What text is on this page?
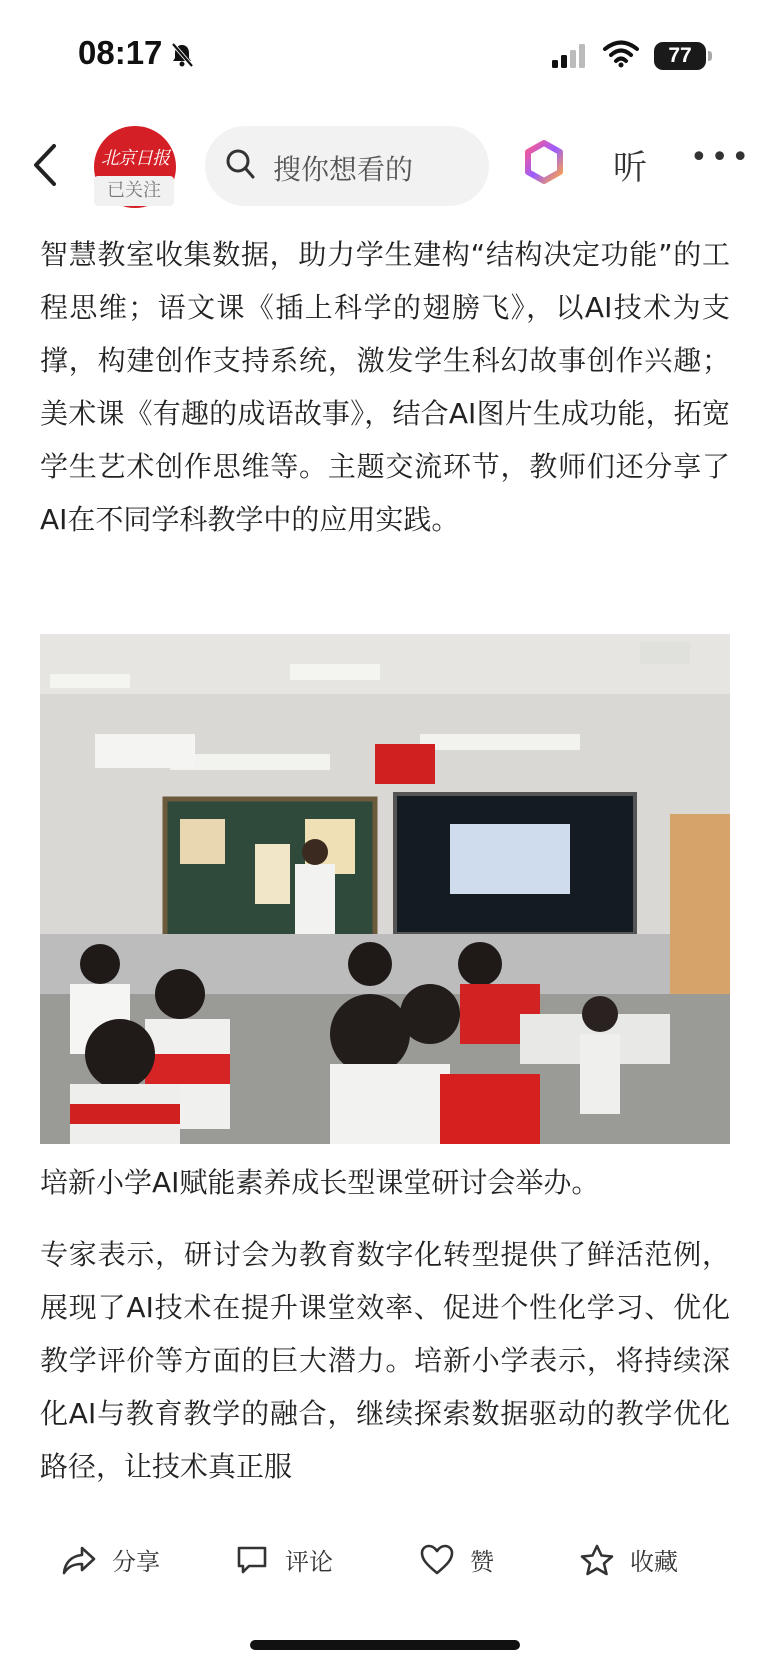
08:17	77
北京日报
已关注
搜你想看的	听 •••

智慧教室收集数据，助力学生建构“结构决定功能”的工程思维；语文课《插上科学的翅膀飞》，以AI技术为支撑，构建创作支持系统，激发学生科幻故事创作兴趣；美术课《有趣的成语故事》，结合AI图片生成功能，拓宽学生艺术创作思维等。主题交流环节，教师们还分享了AI在不同学科教学中的应用实践。

培新小学AI赋能素养成长型课堂研讨会举办。

专家表示，研讨会为教育数字化转型提供了鲜活范例，展现了AI技术在提升课堂效率、促进个性化学习、优化教学评价等方面的巨大潜力。培新小学表示，将持续深化AI与教育教学的融合，继续探索数据驱动的教学优化路径，让技术真正服

分享	评论	赞	收藏
